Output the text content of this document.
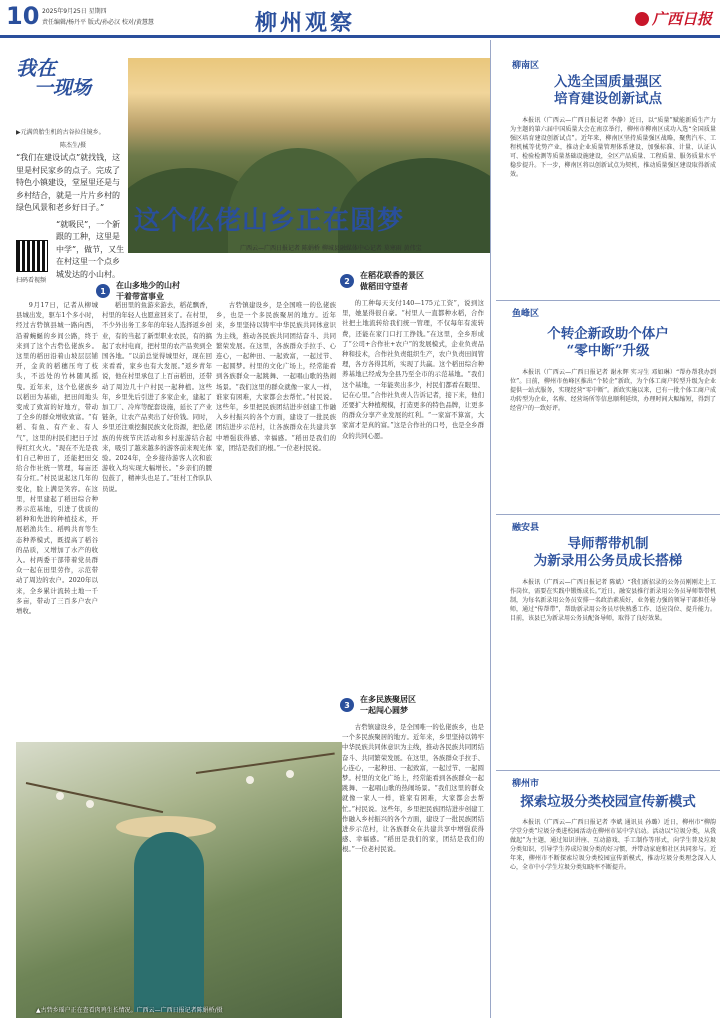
10 2025年9月25日 星期四
责任编辑/杨丹平 版式/孙必汉 校对/黄慧慧	柳州观察	广西日报
我在
一现场
▶元满兽胎生机的古谷拉佳镜乡。
陈杰生/摄
“我们在建设试点”就找钱，这里是村民家乡的点子。完成了特色小镇建设，堂屋里还是与乡村结合，就是一片片乡村的绿色风景和老乡好日子。”
“就吸民”，一个新跟的工种，这里是中学”，做节，又生在村这里一个点乡城发达的小山村。
扫码看视频
这个仫佬山乡正在圆梦
广西云—广西日报记者 陈娟桥 柳城县融媒体中心记者 莫寒雨 黄伟宝
1
在山多地少的山村
干着带富事业
2
在稻花联香的景区
做稻田守望者
3
在多民族聚居区
一起闯心圆梦

9月17日，记者从柳城县城出发，驱车1个多小时，经过古砦镇县城一路向西，沿着蜿蜒的乡间公路，终于来到了这个古砦仫佬族乡。这里的稻田沿着山坡层层铺开，金黄的稻穗压弯了枝头，不远处的竹林随风摇曳。近年来，这个仫佬族乡以稻田为基础，把田间地头变成了致富的好地方，带动了全乡的群众增收致富。“有稻、有鱼、有产业、有人气”，这里的村民们把日子过得红红火火。“现在不光是我们自己种田了，还能把田交给合作社统一管理，每亩还有分红。”村民说起这几年的变化，脸上满是笑容。在这里，村里建起了稻田综合种养示范基地，引进了优质的稻种和先进的种植技术，开展稻渔共生、稻鸭共育等生态种养模式，既提高了稻谷的品质，又增加了水产的收入。村两委干部带着党员群众一起在田里劳作，示范带动了周边的农户。2020年以来，全乡累计流转土地一千多亩，带动了三百多户农户增收。

稻田里的鱼游来游去，稻花飘香，村里的年轻人也愿意回来了。在村里，不少外出务工多年的年轻人选择返乡创业，有的当起了新型职业农民，有的搞起了农村电商，把村里的农产品卖到全国各地。“以前总觉得城里好，现在回来看看，家乡也有大发展。”返乡青年说，他在村里承包了上百亩稻田，还带动了周边几十户村民一起种植。这些年，乡里先后引进了多家企业，建起了加工厂、冷库等配套设施，延长了产业链条，让农产品卖出了好价钱。同时，乡里还注重挖掘民族文化资源，把仫佬族的传统节庆活动和乡村旅游结合起来，吸引了越来越多的游客前来观光体验。2024年，全乡接待游客人次和旅游收入均实现大幅增长。“乡亲们的腰包鼓了，精神头也足了。”驻村工作队队员说。

古砦镇建设乡，是全国唯一的仫佬族乡，也是一个多民族聚居的地方。近年来，乡里坚持以铸牢中华民族共同体意识为主线，推动各民族共同团结奋斗、共同繁荣发展。在这里，各族群众手拉手、心连心，一起种田、一起致富，一起过节、一起圆梦。村里的文化广场上，经常能看到各族群众一起跳舞、一起唱山歌的热闹场景。“我们这里的群众就像一家人一样，谁家有困难，大家都会去帮忙。”村民说。这些年，乡里把民族团结进步创建工作融入乡村振兴的各个方面，建设了一批民族团结进步示范村，让各族群众在共建共享中增强获得感、幸福感。“稻田是我们的家，团结是我们的根。”一位老村民说。

的工种每天支付140—175元工资”，说到这里，她显得很自豪。“村里人一直都种水稻，合作社把土地流转给我们统一管理，不仅每年有流转费，还能在家门口打工挣钱。”在这里，全乡形成了“公司+合作社+农户”的发展模式，企业负责品种和技术，合作社负责组织生产，农户负责田间管理，各方各得其所，实现了共赢。这个稻田综合种养基地已经成为全县乃至全市的示范基地。“我们这个基地，一年能卖出多少，村民们都看在眼里、记在心里。”合作社负责人告诉记者，接下来，他们还要扩大种植规模，打造更多的特色品牌，让更多的群众分享产业发展的红利。“一家富不算富，大家富才是真的富。”这是合作社的口号，也是全乡群众的共同心愿。

古砦镇建设乡，是全国唯一的仫佬族乡，也是一个多民族聚居的地方。近年来，乡里坚持以铸牢中华民族共同体意识为主线，推动各民族共同团结奋斗、共同繁荣发展。在这里，各族群众手拉手、心连心，一起种田、一起致富，一起过节、一起圆梦。村里的文化广场上，经常能看到各族群众一起跳舞、一起唱山歌的热闹场景。“我们这里的群众就像一家人一样，谁家有困难，大家都会去帮忙。”村民说。这些年，乡里把民族团结进步创建工作融入乡村振兴的各个方面，建设了一批民族团结进步示范村，让各族群众在共建共享中增强获得感、幸福感。“稻田是我们的家，团结是我们的根。”一位老村民说。

▲古砦乡瑶户正在查看肉鸡生长情况。广西云—广西日报记者陈娟桥/摄
柳南区
入选全国质量强区
培育建设创新试点
本报讯（广西云—广西日报记者 李静）近日，以“质量”赋能新质生产力为主题的第六届中国质量大会在南京举行，柳州市柳南区成功入选“全国质量强区培育建设创新试点”。近年来，柳南区坚持质量强区战略，聚焦汽车、工程机械等优势产业，推动企业质量管理体系建设，加强标准、计量、认证认可、检验检测等质量基础设施建设，全区产品质量、工程质量、服务质量水平稳步提升。下一步，柳南区将以创新试点为契机，推动质量强区建设取得新成效。
鱼峰区
个转企新政助个体户
“零中断”升级
本报讯（广西云—广西日报记者 谢永辉 实习生 邓如琳）“帮办帮我办到位”。日前，柳州市鱼峰区推出“个转企”新政，为个体工商户转型升级为企业提供一站式服务，实现经营“零中断”。新政实施以来，已有一批个体工商户成功转型为企业，名称、经营场所等信息顺利延续，办理时间大幅缩短，得到了经营户的一致好评。
融安县
导师帮带机制
为新录用公务员成长搭梯
本报讯（广西云—广西日报记者 陈斌）“我们新招录的公务员刚刚走上工作岗位，需要在实践中锻炼成长。”近日，融安县推行新录用公务员导师帮带机制，为每名新录用公务员安排一名政治素质好、业务能力强的领导干部担任导师，通过“传帮带”，帮助新录用公务员尽快熟悉工作、适应岗位、提升能力。目前，该县已为新录用公务员配备导师，取得了良好效果。
柳州市
探索垃圾分类校园宣传新模式
本报讯（广西云—广西日报记者 李斌 通讯员 孙璐）近日，柳州市“柳韵学堂分类”垃圾分类进校园活动在柳州市某中学启动。活动以“垃圾分类，从我做起”为主题，通过知识讲座、互动游戏、手工制作等形式，向学生普及垃圾分类知识，引导学生养成垃圾分类的好习惯，并带动家庭和社区共同参与。近年来，柳州市不断探索垃圾分类校园宣传新模式，推动垃圾分类理念深入人心，全市中小学生垃圾分类知晓率不断提升。
